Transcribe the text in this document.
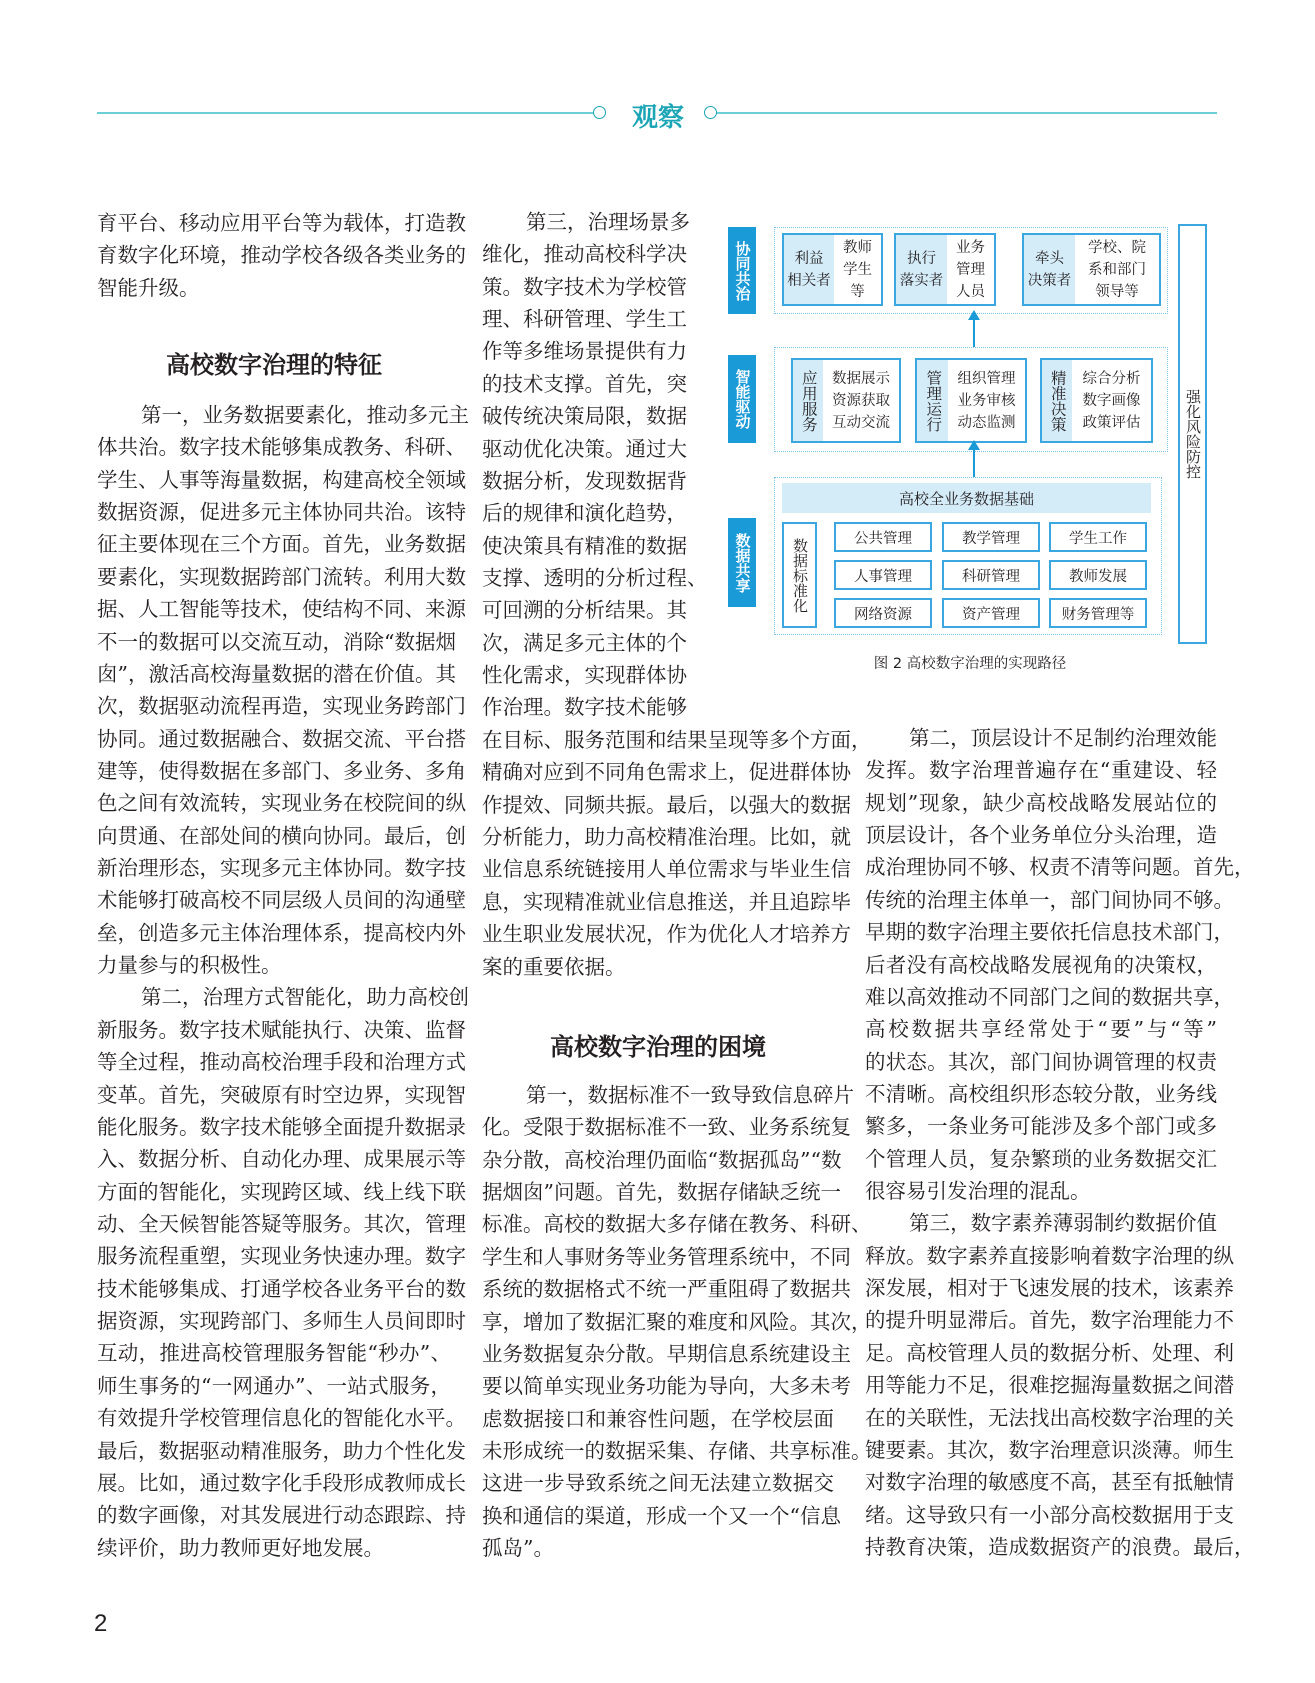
观察
育平台、移动应用平台等为载体，打造教
育数字化环境，推动学校各级各类业务的
智能升级。
高校数字治理的特征
第一，业务数据要素化，推动多元主
体共治。数字技术能够集成教务、科研、
学生、人事等海量数据，构建高校全领域
数据资源，促进多元主体协同共治。该特
征主要体现在三个方面。首先，业务数据
要素化，实现数据跨部门流转。利用大数
据、人工智能等技术，使结构不同、来源
不一的数据可以交流互动，消除“数据烟
囱”，激活高校海量数据的潜在价值。其
次，数据驱动流程再造，实现业务跨部门
协同。通过数据融合、数据交流、平台搭
建等，使得数据在多部门、多业务、多角
色之间有效流转，实现业务在校院间的纵
向贯通、在部处间的横向协同。最后，创
新治理形态，实现多元主体协同。数字技
术能够打破高校不同层级人员间的沟通壁
垒，创造多元主体治理体系，提高校内外
力量参与的积极性。
第二，治理方式智能化，助力高校创
新服务。数字技术赋能执行、决策、监督
等全过程，推动高校治理手段和治理方式
变革。首先，突破原有时空边界，实现智
能化服务。数字技术能够全面提升数据录
入、数据分析、自动化办理、成果展示等
方面的智能化，实现跨区域、线上线下联
动、全天候智能答疑等服务。其次，管理
服务流程重塑，实现业务快速办理。数字
技术能够集成、打通学校各业务平台的数
据资源，实现跨部门、多师生人员间即时
互动，推进高校管理服务智能“秒办”、
师生事务的“一网通办”、一站式服务，
有效提升学校管理信息化的智能化水平。
最后，数据驱动精准服务，助力个性化发
展。比如，通过数字化手段形成教师成长
的数字画像，对其发展进行动态跟踪、持
续评价，助力教师更好地发展。
第三，治理场景多
维化，推动高校科学决
策。数字技术为学校管
理、科研管理、学生工
作等多维场景提供有力
的技术支撑。首先，突
破传统决策局限，数据
驱动优化决策。通过大
数据分析，发现数据背
后的规律和演化趋势，
使决策具有精准的数据
支撑、透明的分析过程、
可回溯的分析结果。其
次，满足多元主体的个
性化需求，实现群体协
作治理。数字技术能够
在目标、服务范围和结果呈现等多个方面，
精确对应到不同角色需求上，促进群体协
作提效、同频共振。最后，以强大的数据
分析能力，助力高校精准治理。比如，就
业信息系统链接用人单位需求与毕业生信
息，实现精准就业信息推送，并且追踪毕
业生职业发展状况，作为优化人才培养方
案的重要依据。
高校数字治理的困境
第一，数据标准不一致导致信息碎片
化。受限于数据标准不一致、业务系统复
杂分散，高校治理仍面临“数据孤岛”“数
据烟囱”问题。首先，数据存储缺乏统一
标准。高校的数据大多存储在教务、科研、
学生和人事财务等业务管理系统中，不同
系统的数据格式不统一严重阻碍了数据共
享，增加了数据汇聚的难度和风险。其次，
业务数据复杂分散。早期信息系统建设主
要以简单实现业务功能为导向，大多未考
虑数据接口和兼容性问题，在学校层面
未形成统一的数据采集、存储、共享标准。
这进一步导致系统之间无法建立数据交
换和通信的渠道，形成一个又一个“信息
孤岛”。
第二，顶层设计不足制约治理效能
发挥。数字治理普遍存在“重建设、轻
规划”现象，缺少高校战略发展站位的
顶层设计，各个业务单位分头治理，造
成治理协同不够、权责不清等问题。首先，
传统的治理主体单一，部门间协同不够。
早期的数字治理主要依托信息技术部门，
后者没有高校战略发展视角的决策权，
难以高效推动不同部门之间的数据共享，
高校数据共享经常处于“要”与“等”
的状态。其次，部门间协调管理的权责
不清晰。高校组织形态较分散，业务线
繁多，一条业务可能涉及多个部门或多
个管理人员，复杂繁琐的业务数据交汇
很容易引发治理的混乱。
第三，数字素养薄弱制约数据价值
释放。数字素养直接影响着数字治理的纵
深发展，相对于飞速发展的技术，该素养
的提升明显滞后。首先，数字治理能力不
足。高校管理人员的数据分析、处理、利
用等能力不足，很难挖掘海量数据之间潜
在的关联性，无法找出高校数字治理的关
键要素。其次，数字治理意识淡薄。师生
对数字治理的敏感度不高，甚至有抵触情
绪。这导致只有一小部分高校数据用于支
持教育决策，造成数据资产的浪费。最后，
协同共治
智能驱动
数据共享
利益
相关者
教师
学生
等
执行
落实者
业务
管理
人员
牵头
决策者
学校、院
系和部门
领导等
应用服务 数据展示
资源获取
互动交流 管理运行 组织管理
业务审核
动态监测 精准决策 综合分析
数字画像
政策评估
高校全业务数据基础
数据标准化	公共管理	教学管理	学生工作
人事管理	科研管理	教师发展
网络资源	资产管理	财务管理等
强化风险防控
图 2 高校数字治理的实现路径
2
